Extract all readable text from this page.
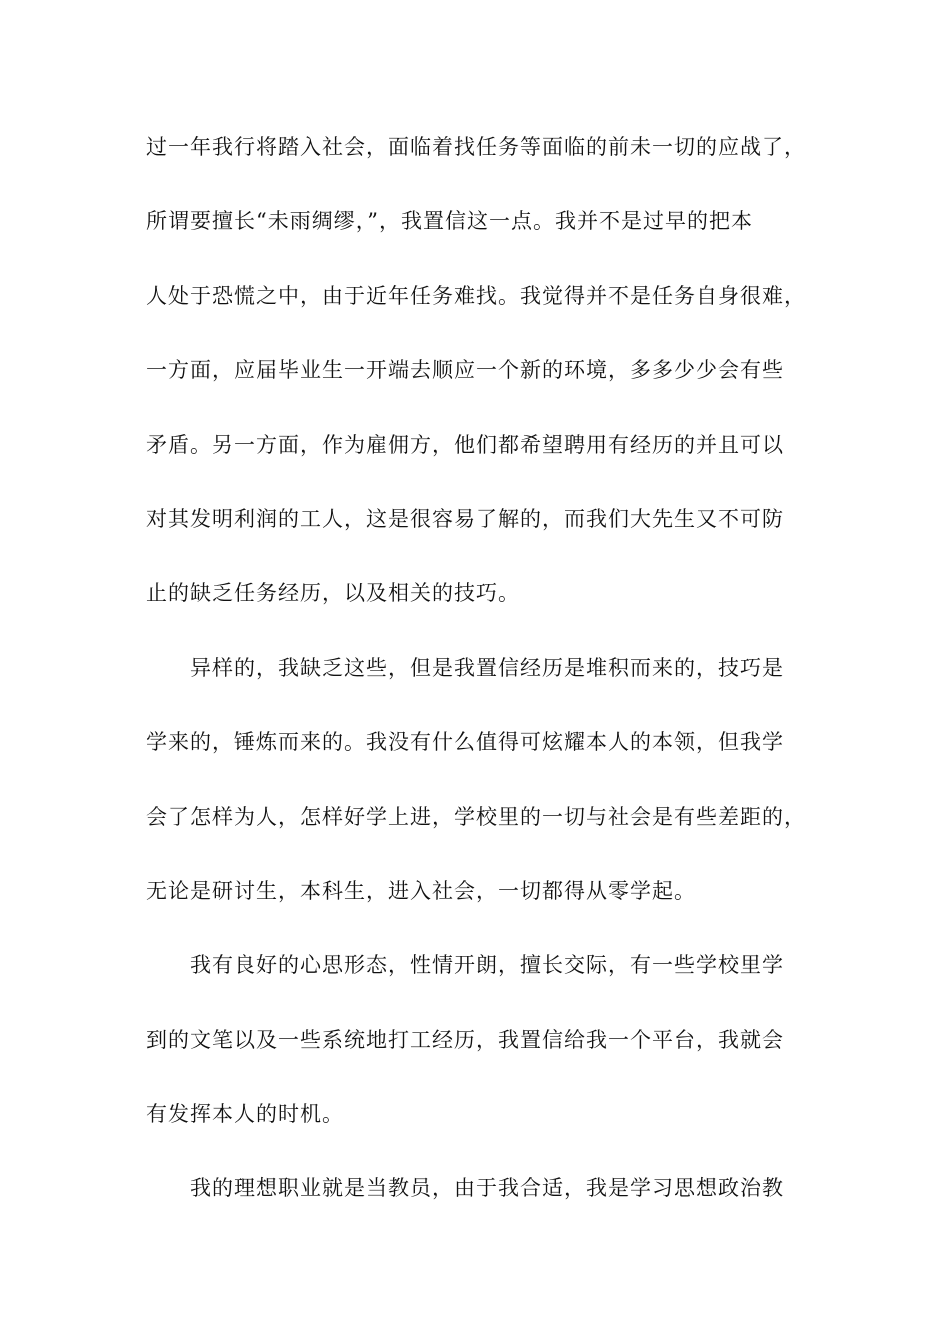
过一年我行将踏入社会，面临着找任务等面临的前未一切的应战了，
所谓要擅长“未雨绸缪，”，我置信这一点。我并不是过早的把本
人处于恐慌之中，由于近年任务难找。我觉得并不是任务自身很难，
一方面，应届毕业生一开端去顺应一个新的环境，多多少少会有些
矛盾。另一方面，作为雇佣方，他们都希望聘用有经历的并且可以
对其发明利润的工人，这是很容易了解的，而我们大先生又不可防
止的缺乏任务经历，以及相关的技巧。
异样的，我缺乏这些，但是我置信经历是堆积而来的，技巧是
学来的，锤炼而来的。我没有什么值得可炫耀本人的本领，但我学
会了怎样为人，怎样好学上进，学校里的一切与社会是有些差距的，
无论是研讨生，本科生，进入社会，一切都得从零学起。
我有良好的心思形态，性情开朗，擅长交际，有一些学校里学
到的文笔以及一些系统地打工经历，我置信给我一个平台，我就会
有发挥本人的时机。
我的理想职业就是当教员，由于我合适，我是学习思想政治教
